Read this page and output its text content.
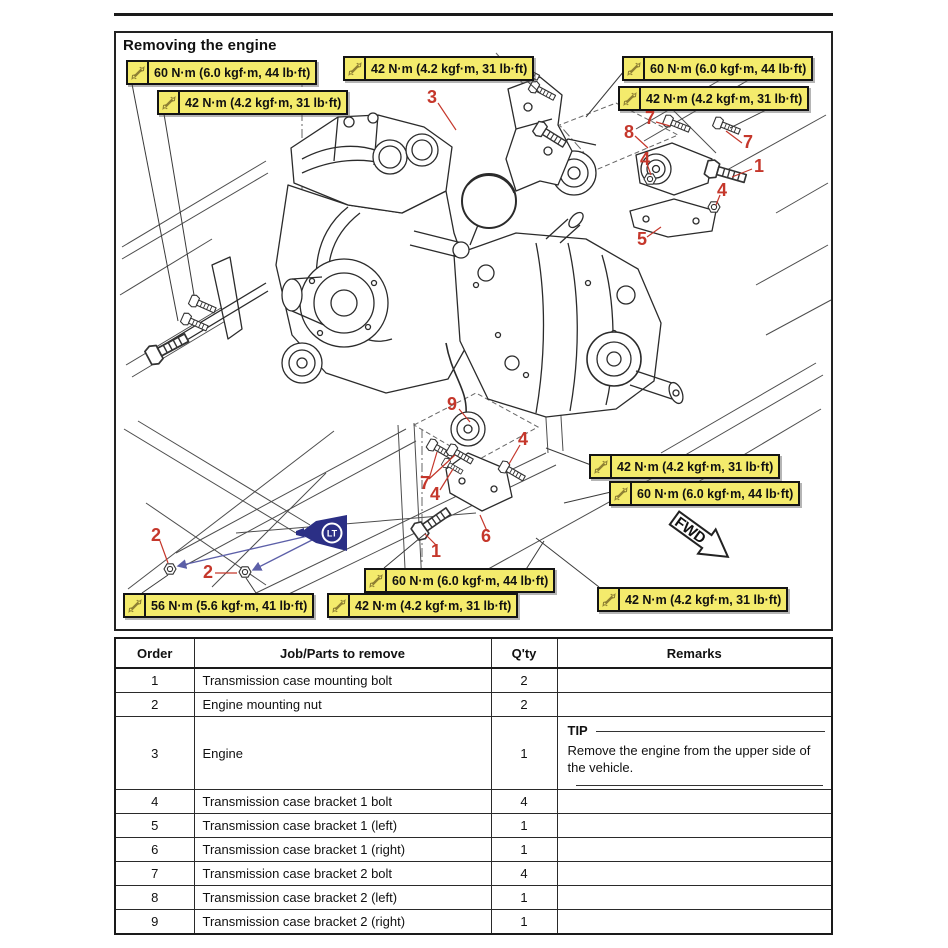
Removing the engine
LT	FWD
60 N·m (6.0 kgf·m, 44 lb·ft)	42 N·m (4.2 kgf·m, 31 lb·ft)
42 N·m (4.2 kgf·m, 31 lb·ft)
60 N·m (6.0 kgf·m, 44 lb·ft)
42 N·m (4.2 kgf·m, 31 lb·ft)
42 N·m (4.2 kgf·m, 31 lb·ft)
60 N·m (6.0 kgf·m, 44 lb·ft)
60 N·m (6.0 kgf·m, 44 lb·ft)
42 N·m (4.2 kgf·m, 31 lb·ft)
56 N·m (5.6 kgf·m, 41 lb·ft)	42 N·m (4.2 kgf·m, 31 lb·ft)
3
7
7
8
4	1
4
5
9
4
7
4
6
1
2
2
Order	Job/Parts to remove	Q'ty	Remarks
1	Transmission case mounting bolt	2	
2	Engine mounting nut	2	
3	Engine	1	TIP
Remove the engine from the upper side of the vehicle.

4	Transmission case bracket 1 bolt	4	
5	Transmission case bracket 1 (left)	1	
6	Transmission case bracket 1 (right)	1	
7	Transmission case bracket 2 bolt	4	
8	Transmission case bracket 2 (left)	1	
9	Transmission case bracket 2 (right)	1	
